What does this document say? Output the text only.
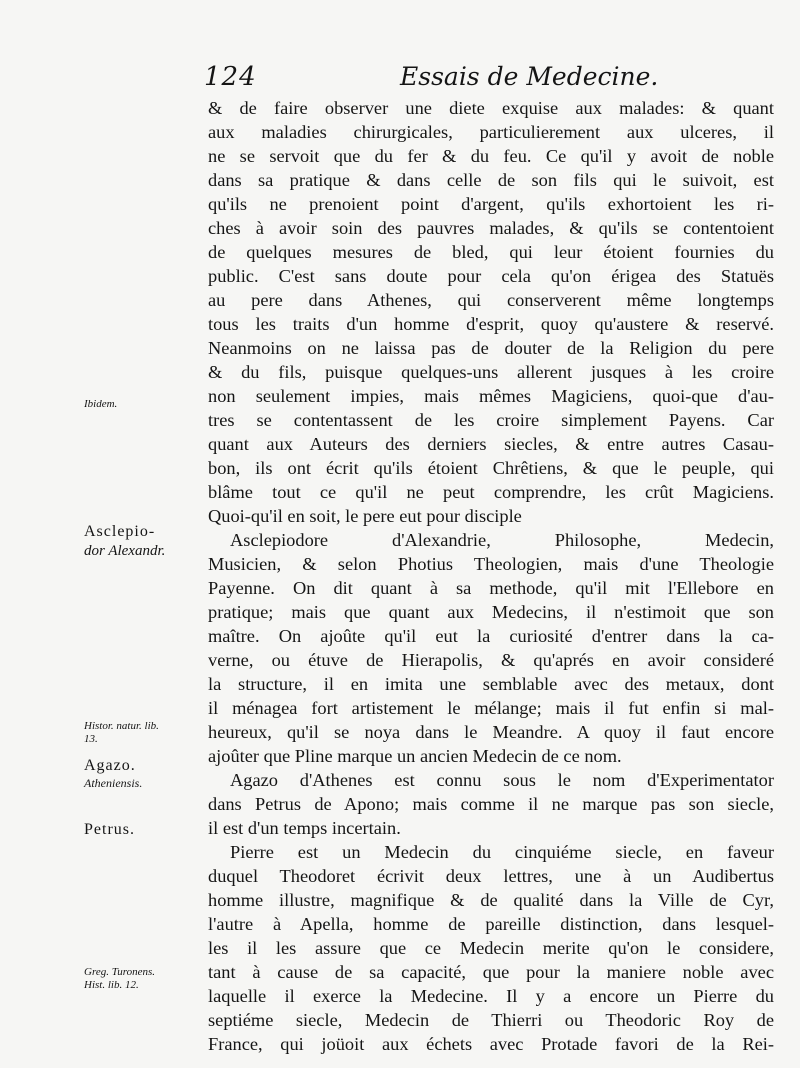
124	Essais de Medecine.
Ibidem.
Asclepio-
dor Alexandr.
Histor. natur. lib.
13.
Agazo.
Atheniensis.
Petrus.
Greg. Turonens.
Hist. lib. 12.
& de faire observer une diete exquise aux malades: & quant
aux maladies chirurgicales, particulierement aux ulceres, il
ne se servoit que du fer & du feu. Ce qu'il y avoit de noble
dans sa pratique & dans celle de son fils qui le suivoit, est
qu'ils ne prenoient point d'argent, qu'ils exhortoient les ri-
ches à avoir soin des pauvres malades, & qu'ils se contentoient
de quelques mesures de bled, qui leur étoient fournies du
public. C'est sans doute pour cela qu'on érigea des Statuës
au pere dans Athenes, qui conserverent même longtemps
tous les traits d'un homme d'esprit, quoy qu'austere & reservé.
Neanmoins on ne laissa pas de douter de la Religion du pere
& du fils, puisque quelques-uns allerent jusques à les croire
non seulement impies, mais mêmes Magiciens, quoi-que d'au-
tres se contentassent de les croire simplement Payens. Car
quant aux Auteurs des derniers siecles, & entre autres Casau-
bon, ils ont écrit qu'ils étoient Chrêtiens, & que le peuple, qui
blâme tout ce qu'il ne peut comprendre, les crût Magiciens.
Quoi-qu'il en soit, le pere eut pour disciple
Asclepiodore d'Alexandrie, Philosophe, Medecin,
Musicien, & selon Photius Theologien, mais d'une Theologie
Payenne. On dit quant à sa methode, qu'il mit l'Ellebore en
pratique; mais que quant aux Medecins, il n'estimoit que son
maître. On ajoûte qu'il eut la curiosité d'entrer dans la ca-
verne, ou étuve de Hierapolis, & qu'aprés en avoir consideré
la structure, il en imita une semblable avec des metaux, dont
il ménagea fort artistement le mélange; mais il fut enfin si mal-
heureux, qu'il se noya dans le Meandre. A quoy il faut encore
ajoûter que Pline marque un ancien Medecin de ce nom.
Agazo d'Athenes est connu sous le nom d'Experimentator
dans Petrus de Apono; mais comme il ne marque pas son siecle,
il est d'un temps incertain.
Pierre est un Medecin du cinquiéme siecle, en faveur
duquel Theodoret écrivit deux lettres, une à un Audibertus
homme illustre, magnifique & de qualité dans la Ville de Cyr,
l'autre à Apella, homme de pareille distinction, dans lesquel-
les il les assure que ce Medecin merite qu'on le considere,
tant à cause de sa capacité, que pour la maniere noble avec
laquelle il exerce la Medecine. Il y a encore un Pierre du
septiéme siecle, Medecin de Thierri ou Theodoric Roy de
France, qui joüoit aux échets avec Protade favori de la Rei-
